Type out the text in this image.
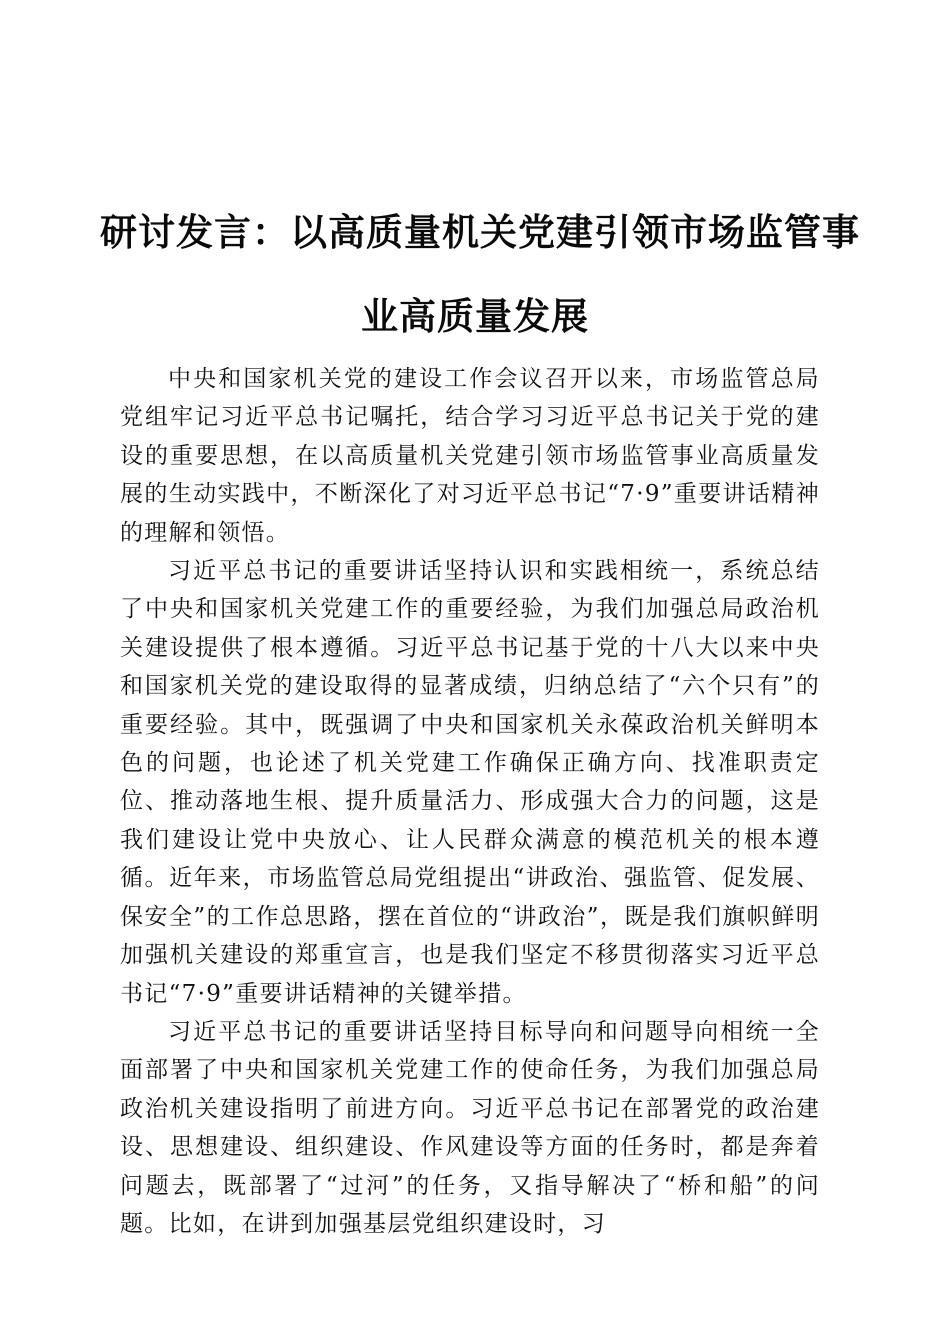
研讨发言：以高质量机关党建引领市场监管事
业高质量发展

中央和国家机关党的建设工作会议召开以来，市场监管总局党组牢记习近平总书记嘱托，结合学习习近平总书记关于党的建设的重要思想，在以高质量机关党建引领市场监管事业高质量发展的生动实践中，不断深化了对习近平总书记“7·9”重要讲话精神的理解和领悟。

习近平总书记的重要讲话坚持认识和实践相统一，系统总结了中央和国家机关党建工作的重要经验，为我们加强总局政治机关建设提供了根本遵循。习近平总书记基于党的十八大以来中央和国家机关党的建设取得的显著成绩，归纳总结了“六个只有”的重要经验。其中，既强调了中央和国家机关永葆政治机关鲜明本色的问题，也论述了机关党建工作确保正确方向、找准职责定位、推动落地生根、提升质量活力、形成强大合力的问题，这是我们建设让党中央放心、让人民群众满意的模范机关的根本遵循。近年来，市场监管总局党组提出“讲政治、强监管、促发展、保安全”的工作总思路，摆在首位的“讲政治”，既是我们旗帜鲜明加强机关建设的郑重宣言，也是我们坚定不移贯彻落实习近平总书记“7·9”重要讲话精神的关键举措。

习近平总书记的重要讲话坚持目标导向和问题导向相统一全面部署了中央和国家机关党建工作的使命任务，为我们加强总局政治机关建设指明了前进方向。习近平总书记在部署党的政治建设、思想建设、组织建设、作风建设等方面的任务时，都是奔着问题去，既部署了“过河”的任务，又指导解决了“桥和船”的问题。比如，在讲到加强基层党组织建设时，习
